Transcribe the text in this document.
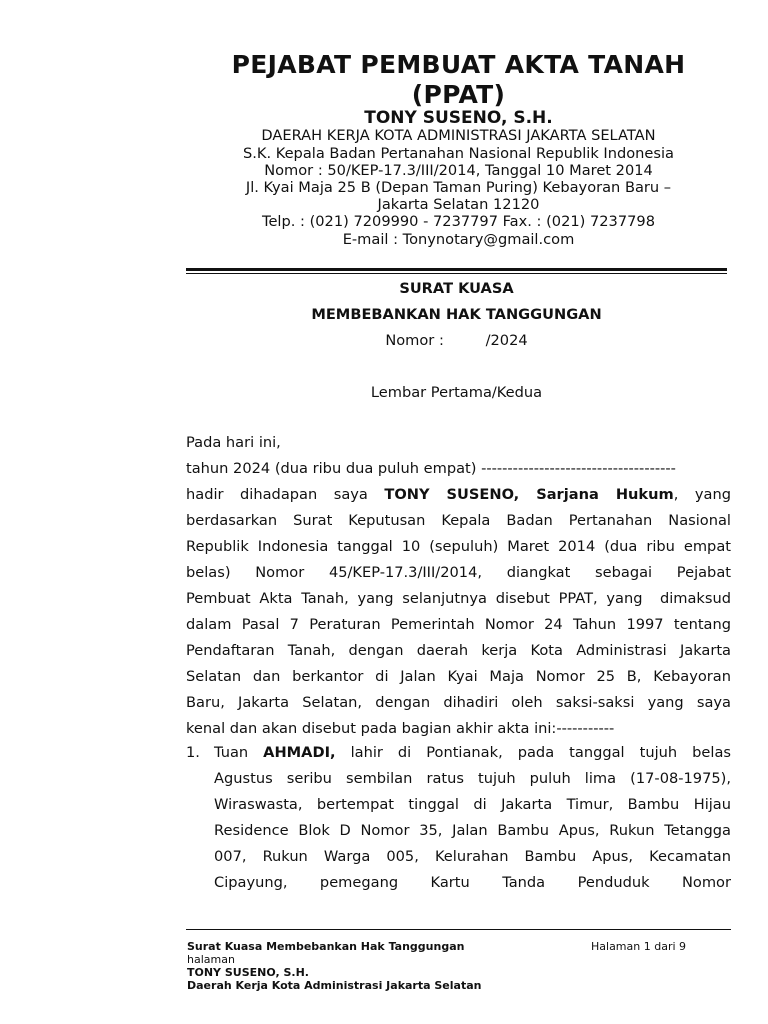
PEJABAT PEMBUAT AKTA TANAH
(PPAT)
TONY SUSENO, S.H.
DAERAH KERJA KOTA ADMINISTRASI JAKARTA SELATAN
S.K. Kepala Badan Pertanahan Nasional Republik Indonesia
Nomor : 50/KEP-17.3/III/2014, Tanggal 10 Maret 2014
Jl. Kyai Maja 25 B (Depan Taman Puring) Kebayoran Baru –
Jakarta Selatan 12120
Telp. : (021) 7209990 - 7237797 Fax. : (021) 7237798
E-mail : Tonynotary@gmail.com
SURAT KUASA
MEMBEBANKAN HAK TANGGUNGAN
Nomor :         /2024
Lembar Pertama/Kedua
Pada hari ini,
tahun 2024 (dua ribu dua puluh empat) -------------------------------------
hadir dihadapan saya TONY SUSENO, Sarjana Hukum, yang
berdasarkan Surat Keputusan Kepala Badan Pertanahan Nasional
Republik Indonesia tanggal 10 (sepuluh) Maret 2014 (dua ribu empat
belas) Nomor 45/KEP-17.3/III/2014, diangkat sebagai Pejabat
Pembuat Akta Tanah, yang selanjutnya disebut PPAT, yang  dimaksud
dalam Pasal 7 Peraturan Pemerintah Nomor 24 Tahun 1997 tentang
Pendaftaran Tanah, dengan daerah kerja Kota Administrasi Jakarta
Selatan dan berkantor di Jalan Kyai Maja Nomor 25 B, Kebayoran
Baru, Jakarta Selatan, dengan dihadiri oleh saksi-saksi yang saya
kenal dan akan disebut pada bagian akhir akta ini:-----------
1. Tuan AHMADI, lahir di Pontianak, pada tanggal tujuh belas
Agustus seribu sembilan ratus tujuh puluh lima (17-08-1975),
Wiraswasta, bertempat tinggal di Jakarta Timur, Bambu Hijau
Residence Blok D Nomor 35, Jalan Bambu Apus, Rukun Tetangga
007, Rukun Warga 005, Kelurahan Bambu Apus, Kecamatan
Cipayung, pemegang Kartu Tanda Penduduk Nomor
Surat Kuasa Membebankan Hak Tanggungan	Halaman 1 dari 9
halaman
TONY SUSENO, S.H.
Daerah Kerja Kota Administrasi Jakarta Selatan
